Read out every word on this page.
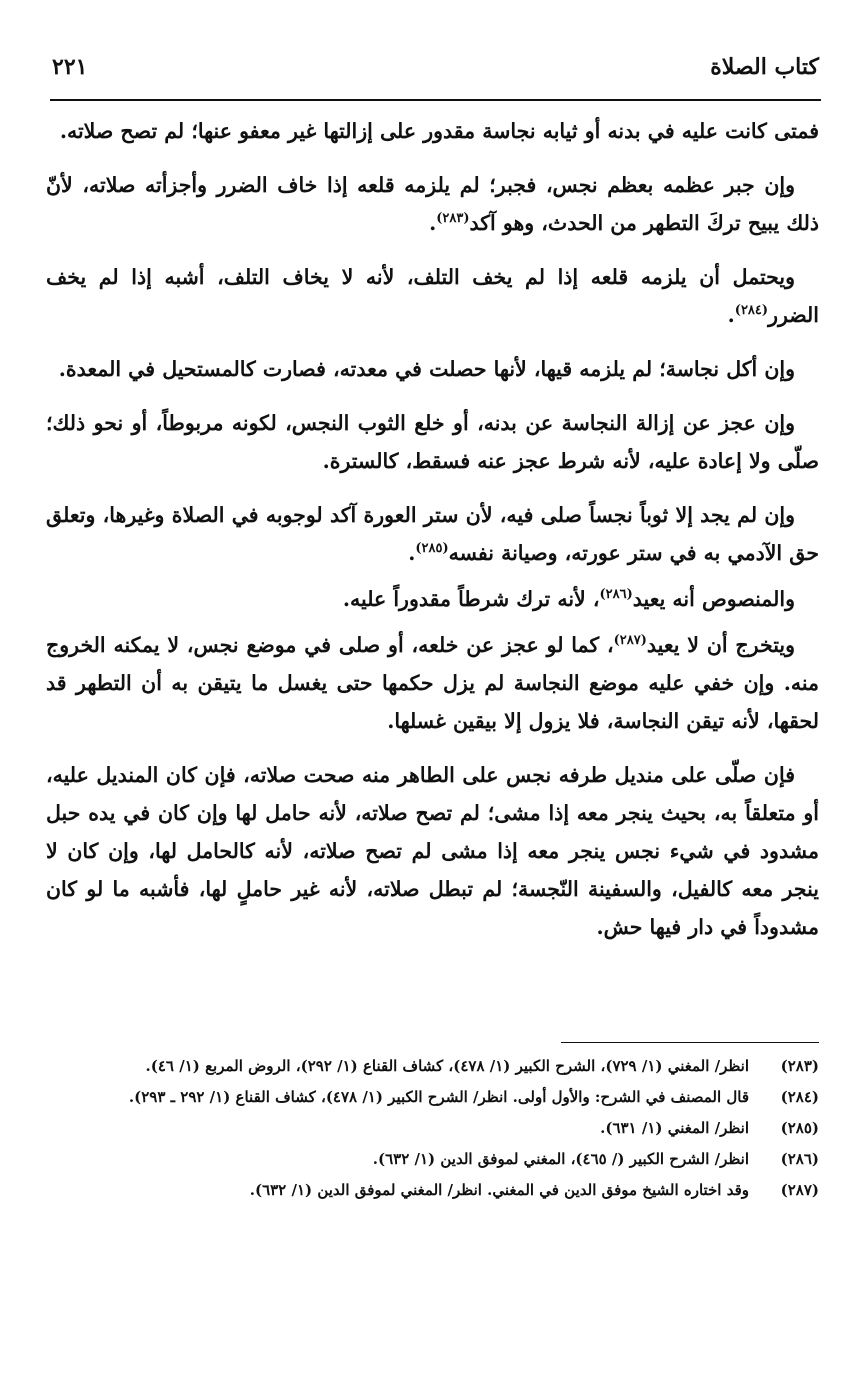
كتاب الصلاة
٢٢١

فمتى كانت عليه في بدنه أو ثيابه نجاسة مقدور على إزالتها غير معفو عنها؛ لم تصح صلاته.

وإن جبر عظمه بعظم نجس، فجبر؛ لم يلزمه قلعه إذا خاف الضرر وأجزأته صلاته، لأنّ ذلك يبيح تركَ التطهر من الحدث، وهو آكد$^{(٢٨٣)}$.

ويحتمل أن يلزمه قلعه إذا لم يخف التلف، لأنه لا يخاف التلف، أشبه إذا لم يخف الضرر$^{(٢٨٤)}$.

وإن أكل نجاسة؛ لم يلزمه قيها، لأنها حصلت في معدته، فصارت كالمستحيل في المعدة.

وإن عجز عن إزالة النجاسة عن بدنه، أو خلع الثوب النجس، لكونه مربوطاً، أو نحو ذلك؛ صلّى ولا إعادة عليه، لأنه شرط عجز عنه فسقط، كالسترة.

وإن لم يجد إلا ثوباً نجساً صلى فيه، لأن ستر العورة آكد لوجوبه في الصلاة وغيرها، وتعلق حق الآدمي به في ستر عورته، وصيانة نفسه$^{(٢٨٥)}$.

والمنصوص أنه يعيد$^{(٢٨٦)}$، لأنه ترك شرطاً مقدوراً عليه.

ويتخرج أن لا يعيد$^{(٢٨٧)}$، كما لو عجز عن خلعه، أو صلى في موضع نجس، لا يمكنه الخروج منه. وإن خفي عليه موضع النجاسة لم يزل حكمها حتى يغسل ما يتيقن به أن التطهر قد لحقها، لأنه تيقن النجاسة، فلا يزول إلا بيقين غسلها.

فإن صلّى على منديل طرفه نجس على الطاهر منه صحت صلاته، فإن كان المنديل عليه، أو متعلقاً به، بحيث ينجر معه إذا مشى؛ لم تصح صلاته، لأنه حامل لها وإن كان في يده حبل مشدود في شيء نجس ينجر معه إذا مشى لم تصح صلاته، لأنه كالحامل لها، وإن كان لا ينجر معه كالفيل، والسفينة النّجسة؛ لم تبطل صلاته، لأنه غير حاملٍ لها، فأشبه ما لو كان مشدوداً في دار فيها حش.

(٢٨٣)
انظر/ المغني (١/ ٧٢٩)، الشرح الكبير (١/ ٤٧٨)، كشاف القناع (١/ ٢٩٢)، الروض المربع (١/ ٤٦).
(٢٨٤)
قال المصنف في الشرح: والأول أولى. انظر/ الشرح الكبير (١/ ٤٧٨)، كشاف القناع (١/ ٢٩٢ ـ ٢٩٣).
(٢٨٥)
انظر/ المغني (١/ ٦٣١).
(٢٨٦)
انظر/ الشرح الكبير (/ ٤٦٥)، المغني لموفق الدين (١/ ٦٣٢).
(٢٨٧)
وقد اختاره الشيخ موفق الدين في المغني. انظر/ المغني لموفق الدين (١/ ٦٣٢).
